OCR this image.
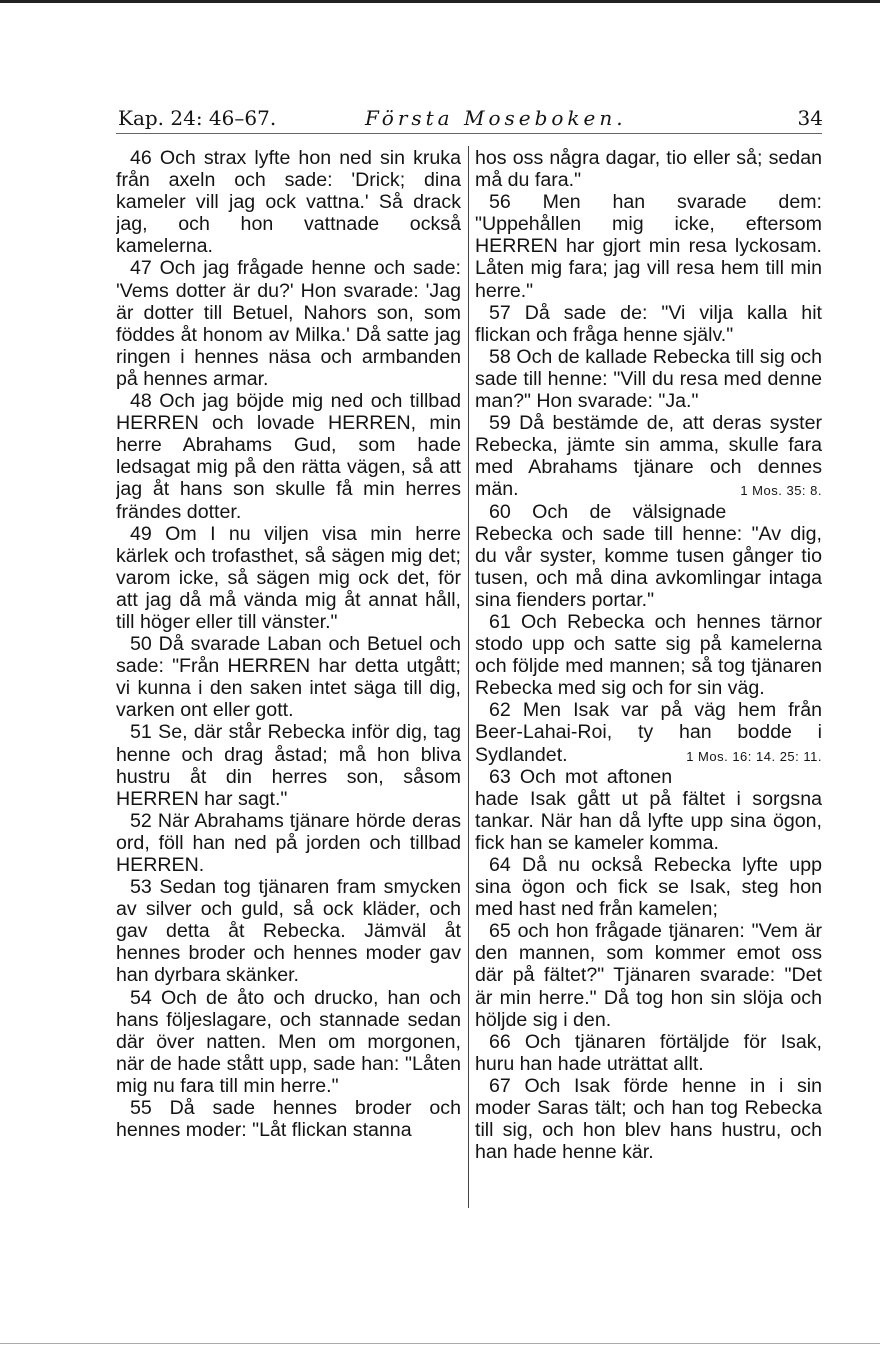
Kap. 24: 46–67.	Första Moseboken.	34

46 Och strax lyfte hon ned sin kruka från axeln och sade: 'Drick; dina kameler vill jag ock vattna.' Så drack jag, och hon vattnade också kamelerna.

47 Och jag frågade henne och sade: 'Vems dotter är du?' Hon svarade: 'Jag är dotter till Betuel, Nahors son, som föddes åt honom av Milka.' Då satte jag ringen i hennes näsa och armbanden på hennes armar.

48 Och jag böjde mig ned och tillbad HERREN och lovade HERREN, min herre Abrahams Gud, som hade ledsagat mig på den rätta vägen, så att jag åt hans son skulle få min herres frändes dotter.

49 Om I nu viljen visa min herre kärlek och trofasthet, så sägen mig det; varom icke, så sägen mig ock det, för att jag då må vända mig åt annat håll, till höger eller till vänster."

50 Då svarade Laban och Betuel och sade: "Från HERREN har detta utgått; vi kunna i den saken intet säga till dig, varken ont eller gott.

51 Se, där står Rebecka inför dig, tag henne och drag åstad; må hon bliva hustru åt din herres son, såsom HERREN har sagt."

52 När Abrahams tjänare hörde deras ord, föll han ned på jorden och tillbad HERREN.

53 Sedan tog tjänaren fram smycken av silver och guld, så ock kläder, och gav detta åt Rebecka. Jämväl åt hennes broder och hennes moder gav han dyrbara skänker.

54 Och de åto och drucko, han och hans följeslagare, och stannade sedan där över natten. Men om morgonen, när de hade stått upp, sade han: "Låten mig nu fara till min herre."

55 Då sade hennes broder och hennes moder: "Låt flickan stanna

hos oss några dagar, tio eller så; sedan må du fara."

56 Men han svarade dem: "Uppehållen mig icke, eftersom HERREN har gjort min resa lyckosam. Låten mig fara; jag vill resa hem till min herre."

57 Då sade de: "Vi vilja kalla hit flickan och fråga henne själv."

58 Och de kallade Rebecka till sig och sade till henne: "Vill du resa med denne man?" Hon svarade: "Ja."

59 Då bestämde de, att deras syster Rebecka, jämte sin amma, skulle fara med Abrahams tjänare och dennes män.	1 Mos. 35: 8.

60 Och de välsignade Rebecka och sade till henne: "Av dig, du vår syster, komme tusen gånger tio tusen, och må dina avkomlingar intaga sina fienders portar."

61 Och Rebecka och hennes tärnor stodo upp och satte sig på kamelerna och följde med mannen; så tog tjänaren Rebecka med sig och for sin väg.

62 Men Isak var på väg hem från Beer-Lahai-Roi, ty han bodde i Sydlandet.	1 Mos. 16: 14. 25: 11.

63 Och mot aftonen hade Isak gått ut på fältet i sorgsna tankar. När han då lyfte upp sina ögon, fick han se kameler komma.

64 Då nu också Rebecka lyfte upp sina ögon och fick se Isak, steg hon med hast ned från kamelen;

65 och hon frågade tjänaren: "Vem är den mannen, som kommer emot oss där på fältet?" Tjänaren svarade: "Det är min herre." Då tog hon sin slöja och höljde sig i den.

66 Och tjänaren förtäljde för Isak, huru han hade uträttat allt.

67 Och Isak förde henne in i sin moder Saras tält; och han tog Rebecka till sig, och hon blev hans hustru, och han hade henne kär.
